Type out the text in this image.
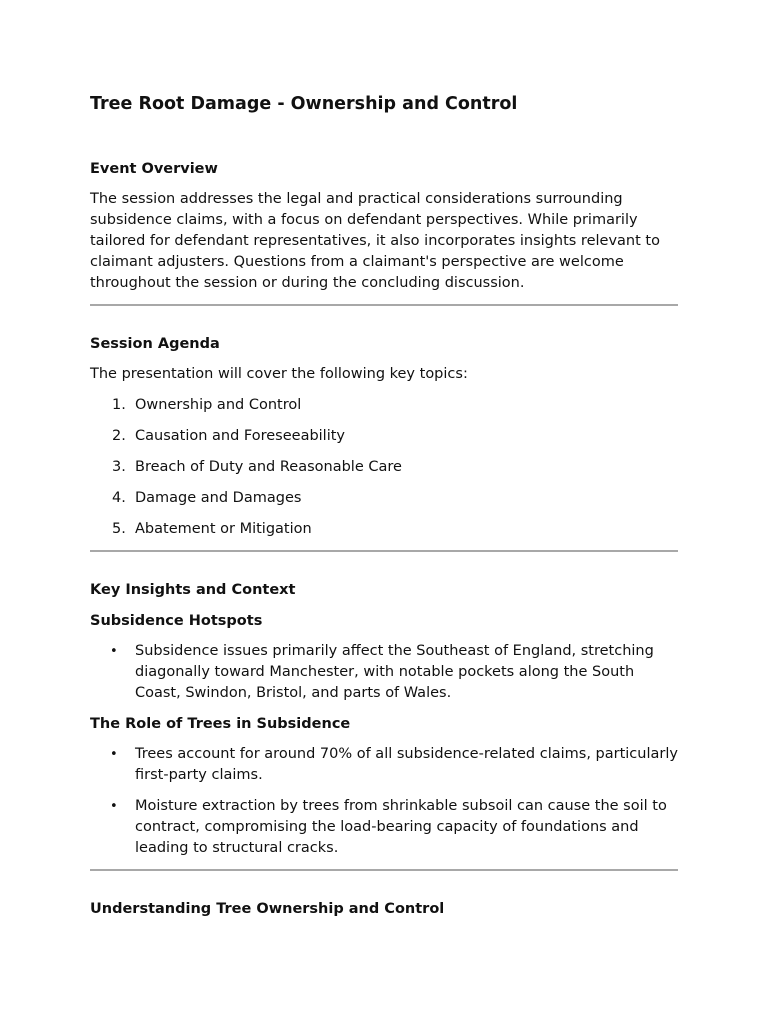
Tree Root Damage - Ownership and Control
Event Overview

The session addresses the legal and practical considerations surrounding subsidence claims, with a focus on defendant perspectives. While primarily tailored for defendant representatives, it also incorporates insights relevant to claimant adjusters. Questions from a claimant's perspective are welcome throughout the session or during the concluding discussion.

Session Agenda

The presentation will cover the following key topics:

1. Ownership and Control
2. Causation and Foreseeability
3. Breach of Duty and Reasonable Care
4. Damage and Damages
5. Abatement or Mitigation
Key Insights and Context
Subsidence Hotspots
• Subsidence issues primarily affect the Southeast of England, stretching diagonally toward Manchester, with notable pockets along the South Coast, Swindon, Bristol, and parts of Wales.
The Role of Trees in Subsidence
• Trees account for around 70% of all subsidence-related claims, particularly first-party claims.
• Moisture extraction by trees from shrinkable subsoil can cause the soil to contract, compromising the load-bearing capacity of foundations and leading to structural cracks.
Understanding Tree Ownership and Control
